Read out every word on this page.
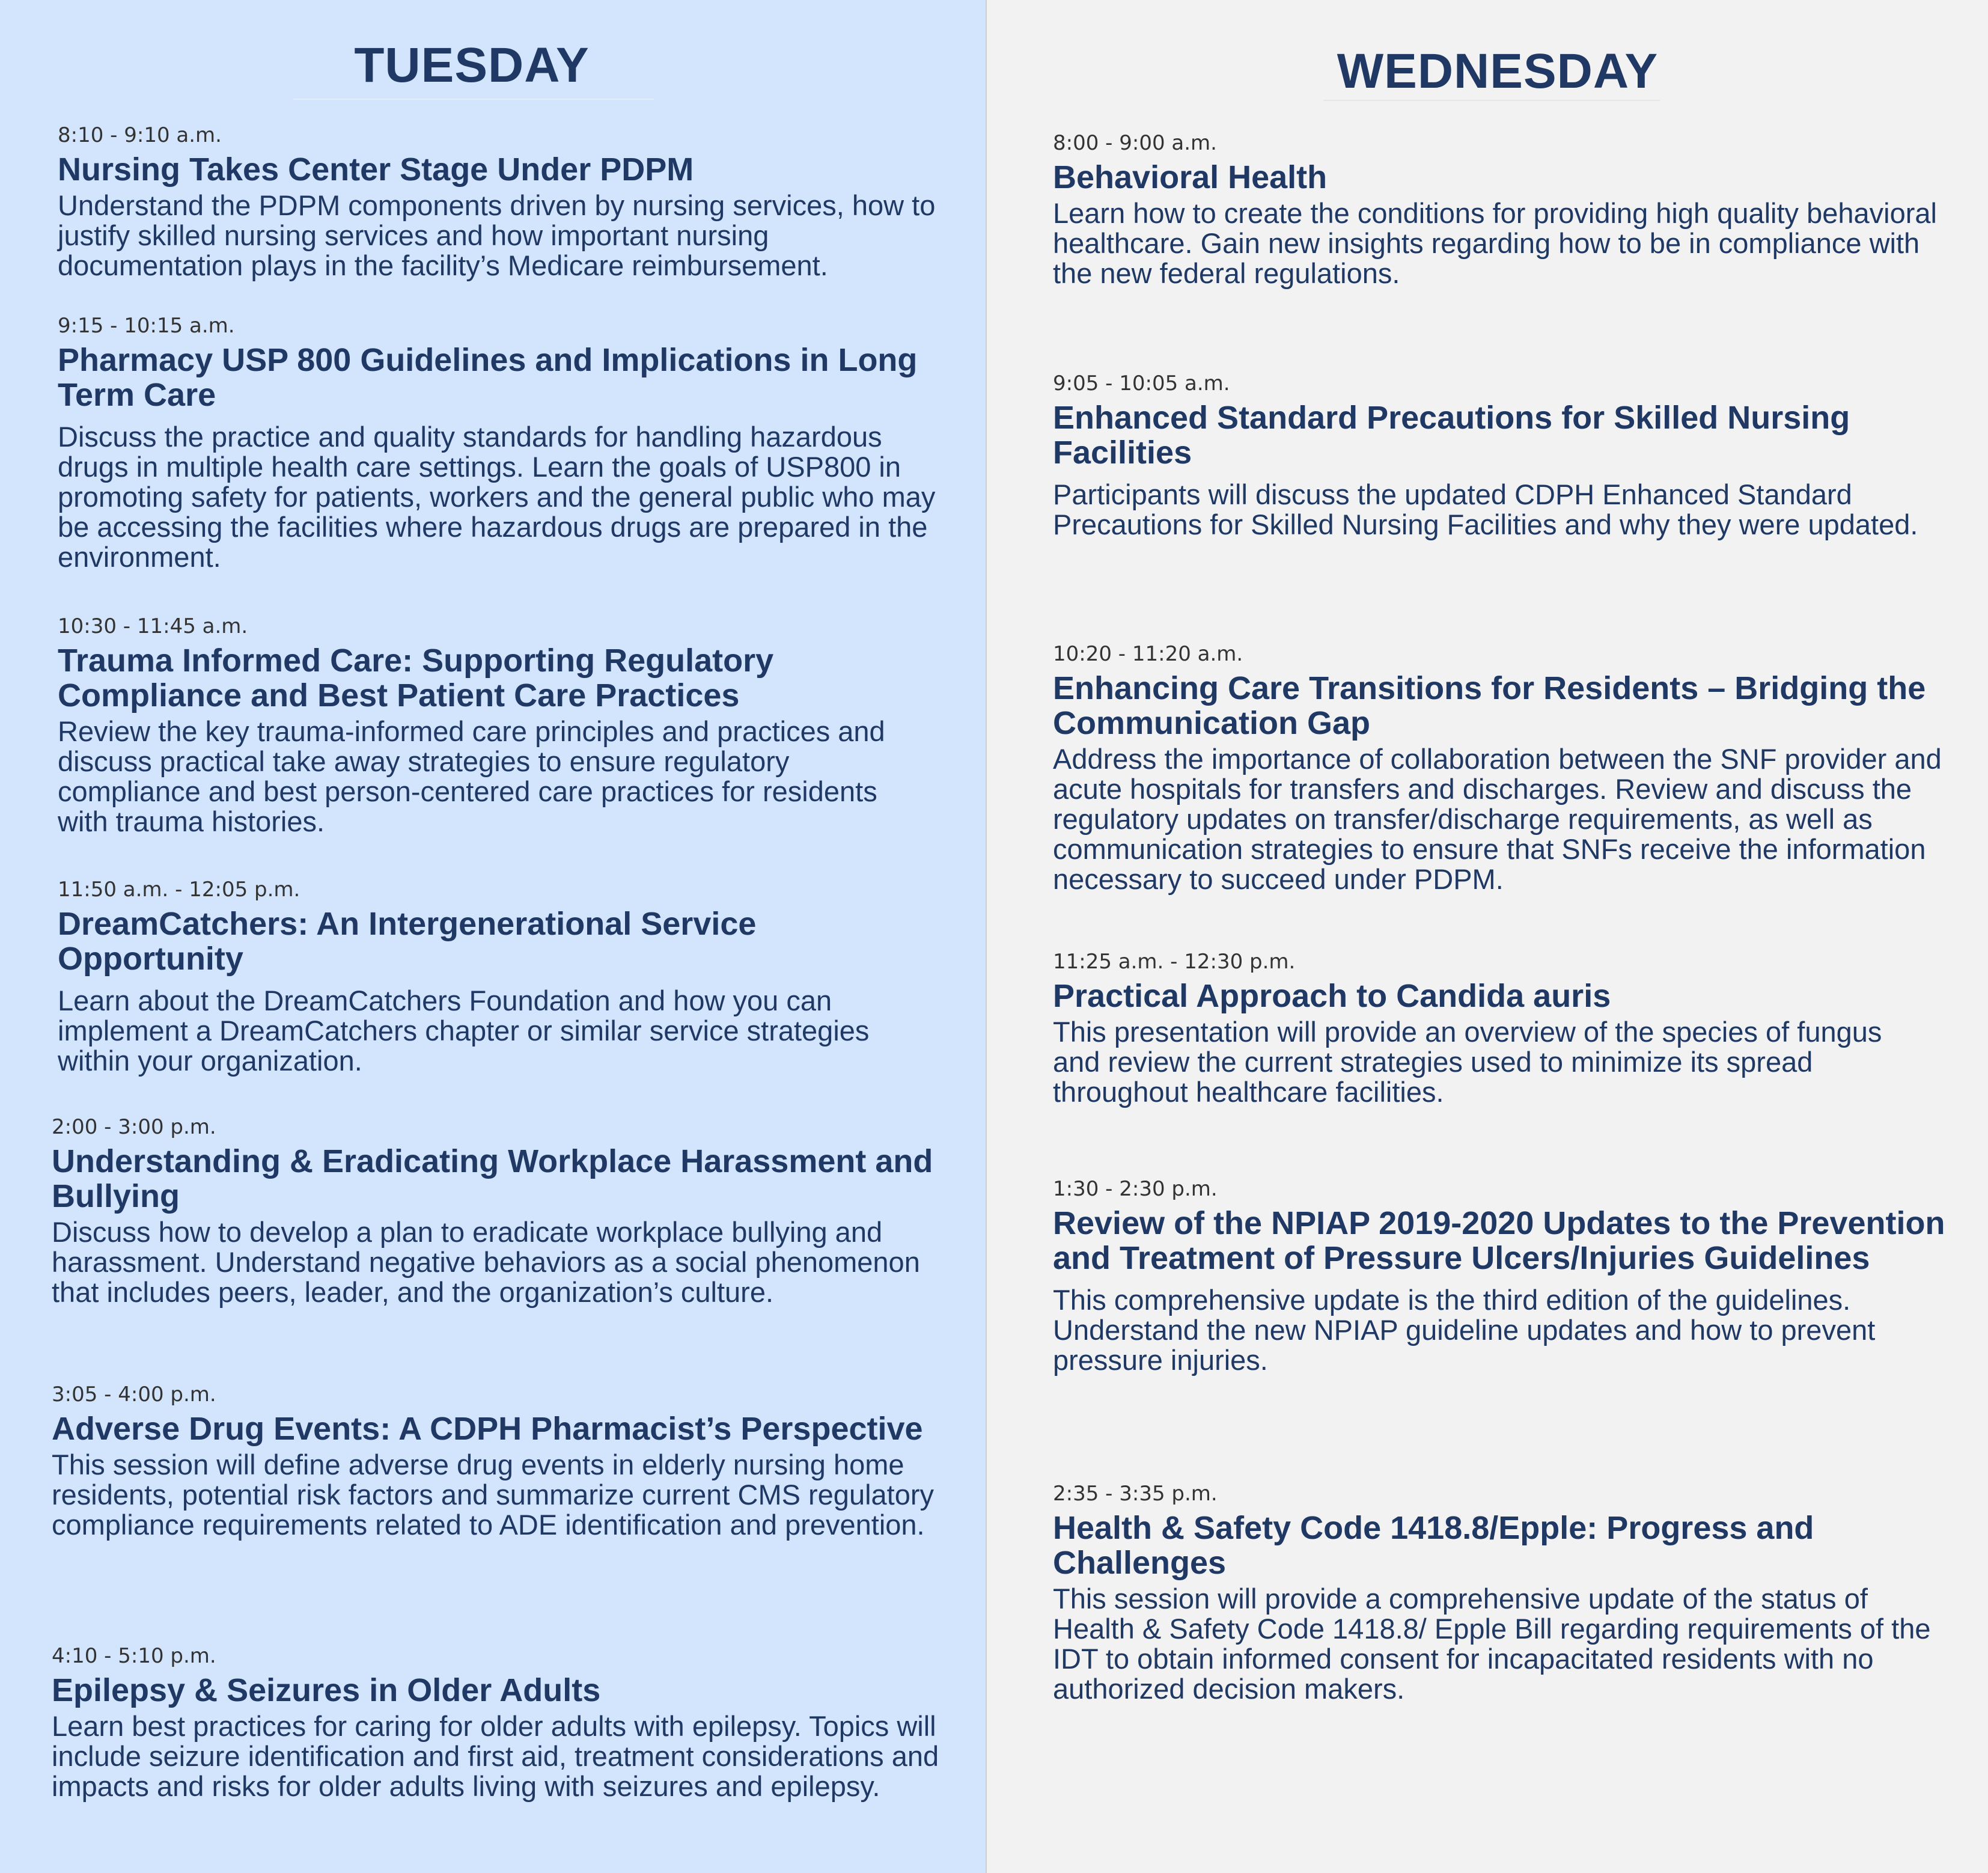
TUESDAY
8:10 - 9:10 a.m.
Nursing Takes Center Stage Under PDPM
Understand the PDPM components driven by nursing services, how to justify skilled nursing services and how important nursing documentation plays in the facility’s Medicare reimbursement.
9:15 - 10:15 a.m.
Pharmacy USP 800 Guidelines and Implications in Long Term Care
Discuss the practice and quality standards for handling hazardous drugs in multiple health care settings. Learn the goals of USP800 in promoting safety for patients, workers and the general public who may be accessing the facilities where hazardous drugs are prepared in the environment.
10:30 - 11:45 a.m.
Trauma Informed Care: Supporting Regulatory Compliance and Best Patient Care Practices
Review the key trauma-informed care principles and practices and discuss practical take away strategies to ensure regulatory compliance and best person-centered care practices for residents with trauma histories.
11:50 a.m. - 12:05 p.m.
DreamCatchers: An Intergenerational Service Opportunity
Learn about the DreamCatchers Foundation and how you can implement a DreamCatchers chapter or similar service strategies within your organization.
2:00 - 3:00 p.m.
Understanding & Eradicating Workplace Harassment and Bullying
Discuss how to develop a plan to eradicate workplace bullying and harassment. Understand negative behaviors as a social phenomenon that includes peers, leader, and the organization’s culture.
3:05 - 4:00 p.m.
Adverse Drug Events: A CDPH Pharmacist’s Perspective
This session will define adverse drug events in elderly nursing home residents, potential risk factors and summarize current CMS regulatory compliance requirements related to ADE identification and prevention.
4:10 - 5:10 p.m.
Epilepsy & Seizures in Older Adults
Learn best practices for caring for older adults with epilepsy. Topics will include seizure identification and first aid, treatment considerations and impacts and risks for older adults living with seizures and epilepsy.
WEDNESDAY
8:00 - 9:00 a.m.
Behavioral Health
Learn how to create the conditions for providing high quality behavioral healthcare. Gain new insights regarding how to be in compliance with the new federal regulations.
9:05 - 10:05 a.m.
Enhanced Standard Precautions for Skilled Nursing Facilities
Participants will discuss the updated CDPH Enhanced Standard Precautions for Skilled Nursing Facilities and why they were updated.
10:20 - 11:20 a.m.
Enhancing Care Transitions for Residents – Bridging the Communication Gap
Address the importance of collaboration between the SNF provider and acute hospitals for transfers and discharges. Review and discuss the regulatory updates on transfer/discharge requirements, as well as communication strategies to ensure that SNFs receive the information necessary to succeed under PDPM.
11:25 a.m. - 12:30 p.m.
Practical Approach to Candida auris
This presentation will provide an overview of the species of fungus and review the current strategies used to minimize its spread throughout healthcare facilities.
1:30 - 2:30 p.m.
Review of the NPIAP 2019-2020 Updates to the Prevention and Treatment of Pressure Ulcers/Injuries Guidelines
This comprehensive update is the third edition of the guidelines. Understand the new NPIAP guideline updates and how to prevent pressure injuries.
2:35 - 3:35 p.m.
Health & Safety Code 1418.8/Epple: Progress and Challenges
This session will provide a comprehensive update of the status of Health & Safety Code 1418.8/ Epple Bill regarding requirements of the IDT to obtain informed consent for incapacitated residents with no authorized decision makers.
